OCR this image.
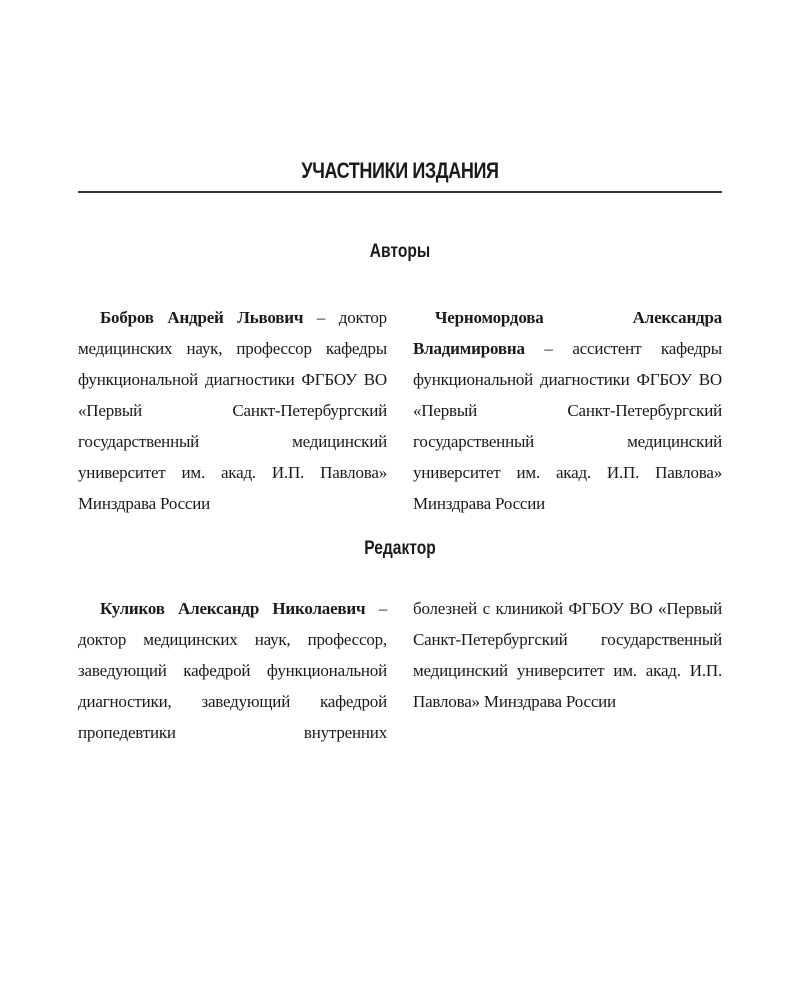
УЧАСТНИКИ ИЗДАНИЯ
Авторы

Бобров Андрей Львович – доктор медицинских наук, профессор кафедры функциональной диагностики ФГБОУ ВО «Первый Санкт-Петербургский государственный медицинский университет им. акад. И.П. Павлова» Минздрава России

Черномордова Александра Владимировна – ассистент кафедры функциональной диагностики ФГБОУ ВО «Первый Санкт-Петербургский государственный медицинский университет им. акад. И.П. Павлова» Минздрава России

Редактор

Куликов Александр Николаевич – доктор медицинских наук, профессор, заведующий кафедрой функциональной диагностики, заведующий кафедрой пропедевтики внутренних

болезней с клиникой ФГБОУ ВО «Первый Санкт-Петербургский государственный медицинский университет им. акад. И.П. Павлова» Минздрава России
